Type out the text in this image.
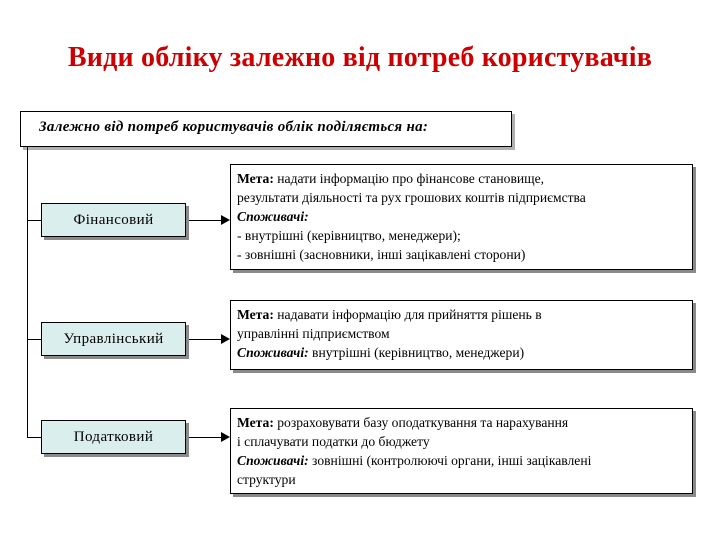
Види обліку залежно від потреб користувачів
Залежно від потреб користувачів облік поділяється на:
Фінансовий
Управлінський
Податковий
Мета: надати інформацію про фінансове становище,
результати діяльності та рух грошових коштів підприємства
Споживачі:
- внутрішні (керівництво, менеджери);
- зовнішні (засновники, інші зацікавлені сторони)
Мета: надавати інформацію для прийняття рішень в
управлінні підприємством
Споживачі: внутрішні (керівництво, менеджери)
Мета: розраховувати базу оподаткування та нарахування
і сплачувати податки до бюджету
Споживачі: зовнішні (контролюючі органи, інші зацікавлені
структури
